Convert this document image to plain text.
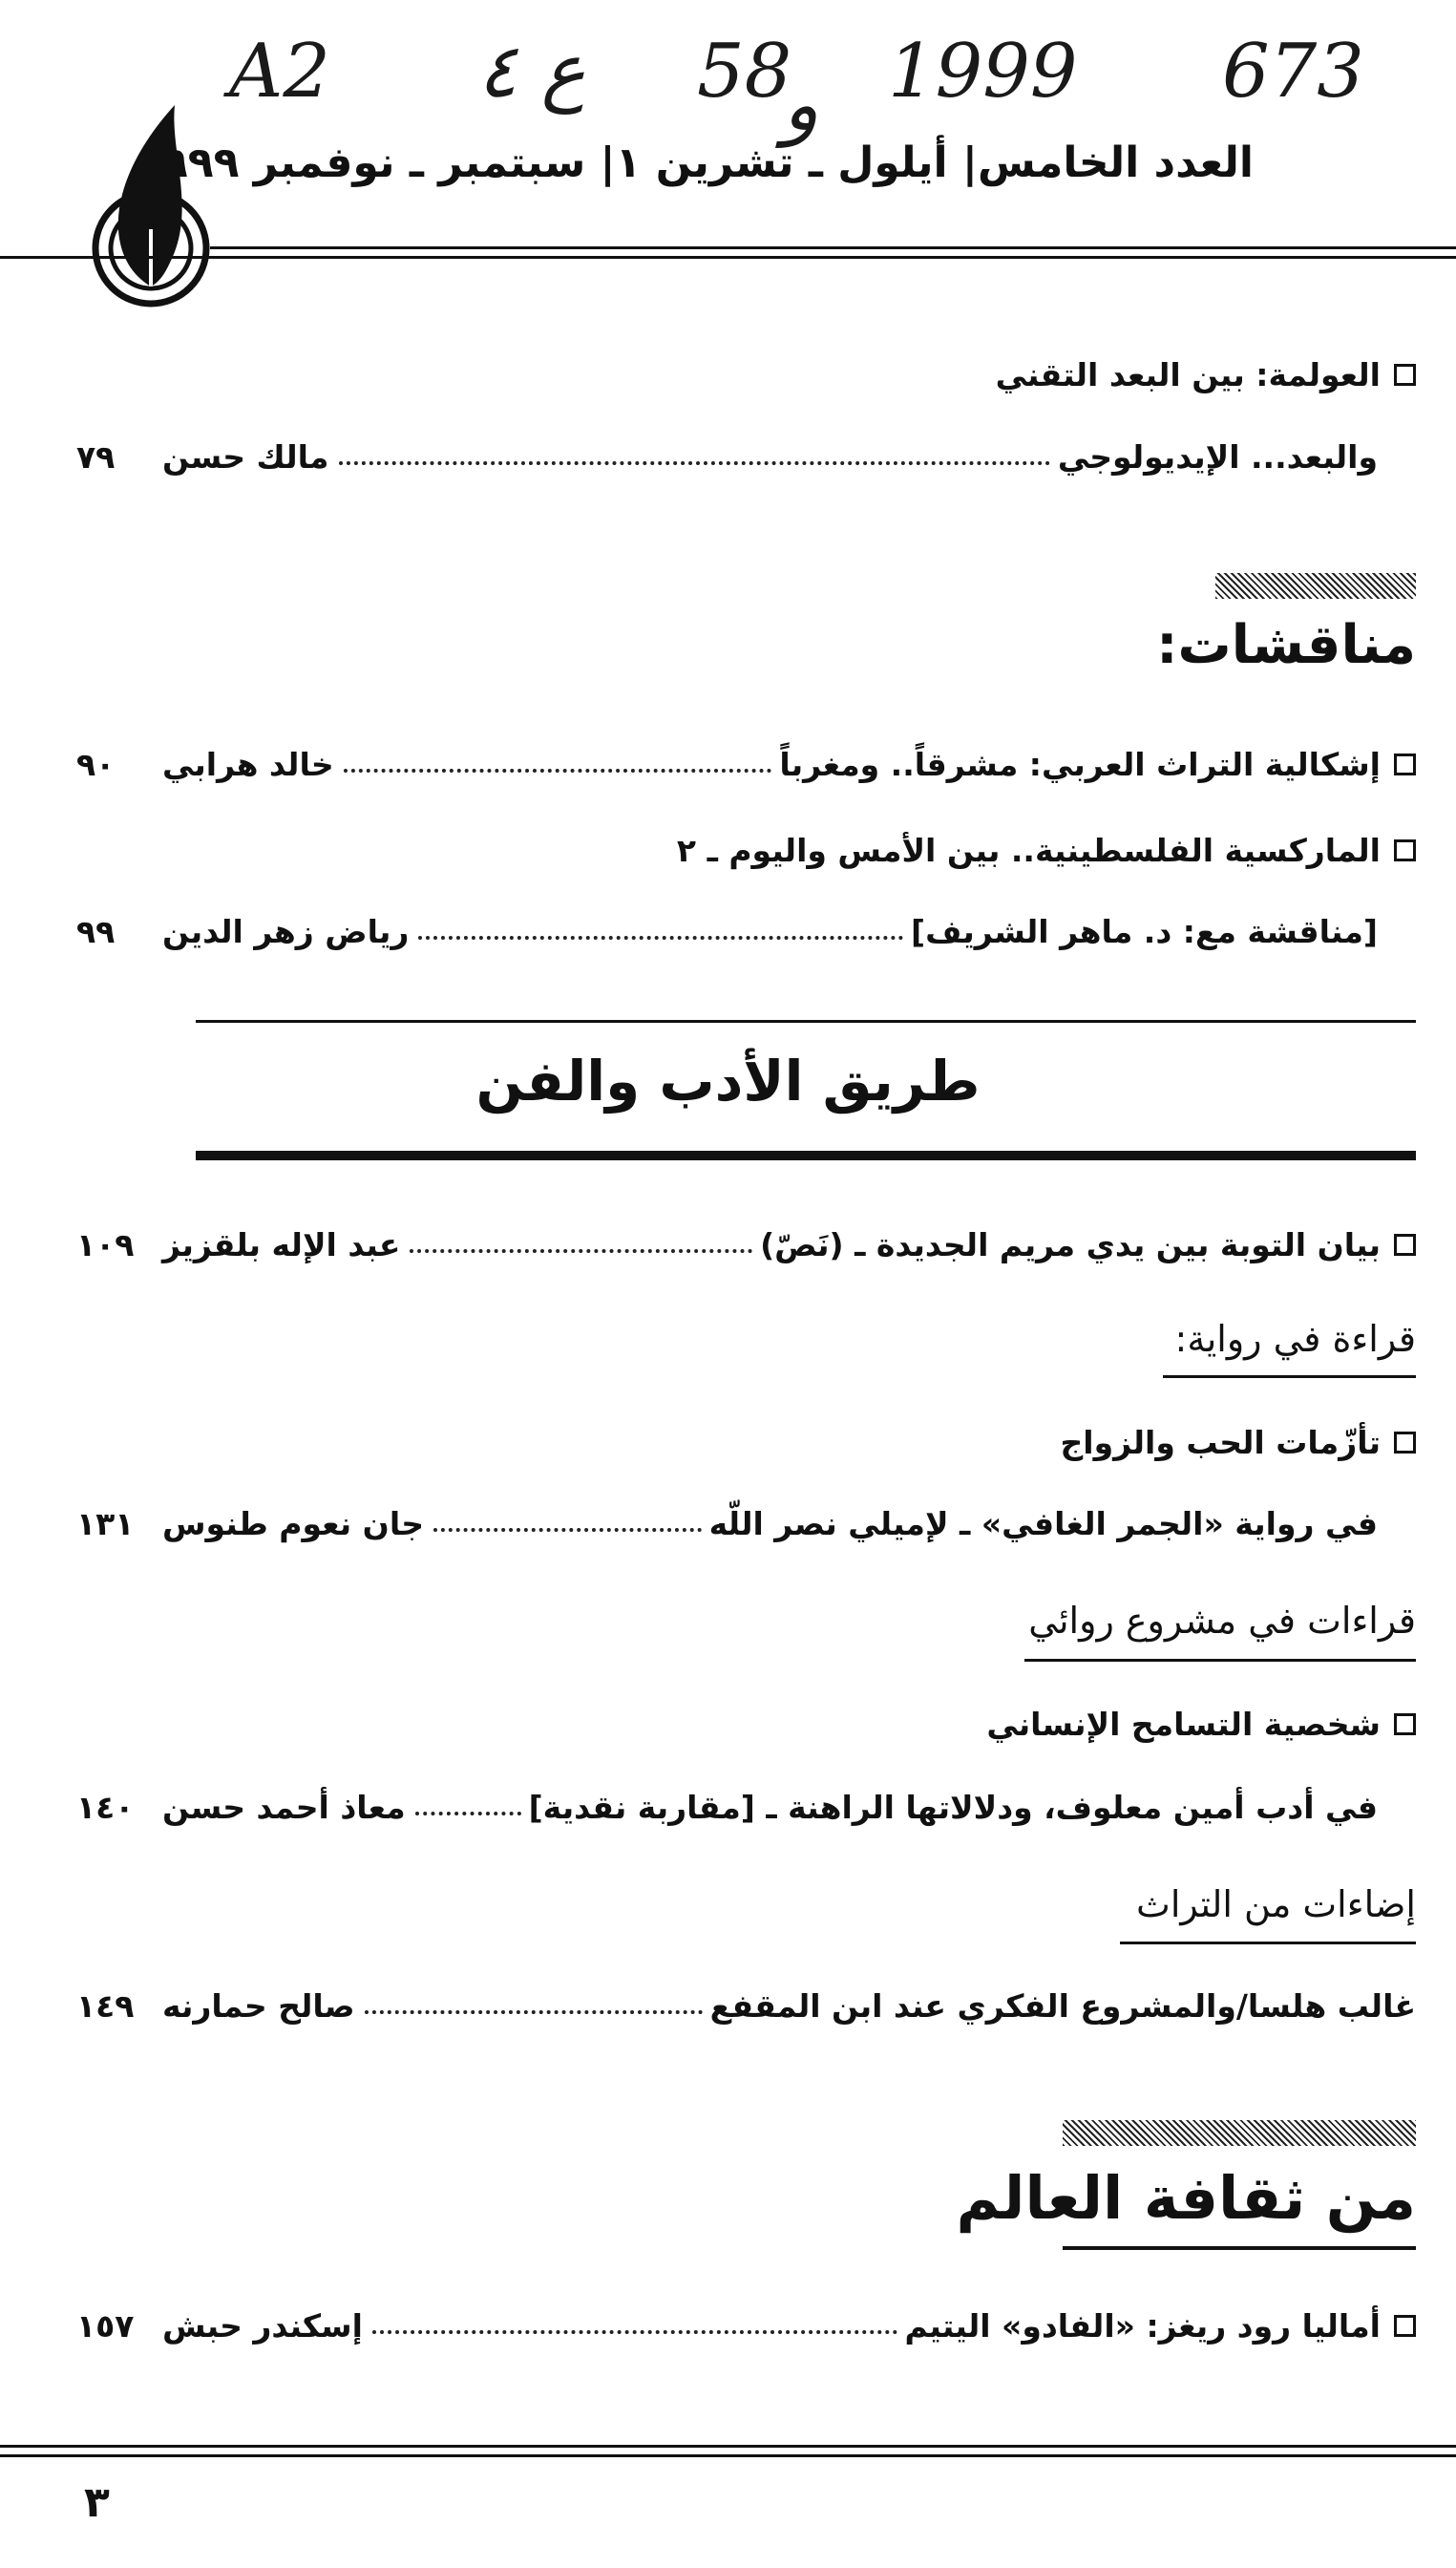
A2 ع ٤ 58
و 1999 673
العدد الخامس| أيلول ـ تشرين ١| سبتمبر ـ نوفمبر ١٩٩٩
العولمة: بين البعد التقني
والبعد... الإيديولوجي
مالك حسن
٧٩
مناقشات:
إشكالية التراث العربي: مشرقاً.. ومغرباً
خالد هرابي
٩٠
الماركسية الفلسطينية.. بين الأمس واليوم ـ ٢
[مناقشة مع: د. ماهر الشريف]
رياض زهر الدين
٩٩
طريق الأدب والفن
بيان التوبة بين يدي مريم الجديدة ـ (نَصّ)
عبد الإله بلقزيز
١٠٩
قراءة في رواية:
تأزّمات الحب والزواج
في رواية «الجمر الغافي» ـ لإميلي نصر اللّه
جان نعوم طنوس
١٣١
قراءات في مشروع روائي
شخصية التسامح الإنساني
في أدب أمين معلوف، ودلالاتها الراهنة ـ [مقاربة نقدية]
معاذ أحمد حسن
١٤٠
إضاءات من التراث
غالب هلسا/والمشروع الفكري عند ابن المقفع
صالح حمارنه
١٤٩
من ثقافة العالم
أماليا رود ريغز: «الفادو» اليتيم
إسكندر حبش
١٥٧
٣
